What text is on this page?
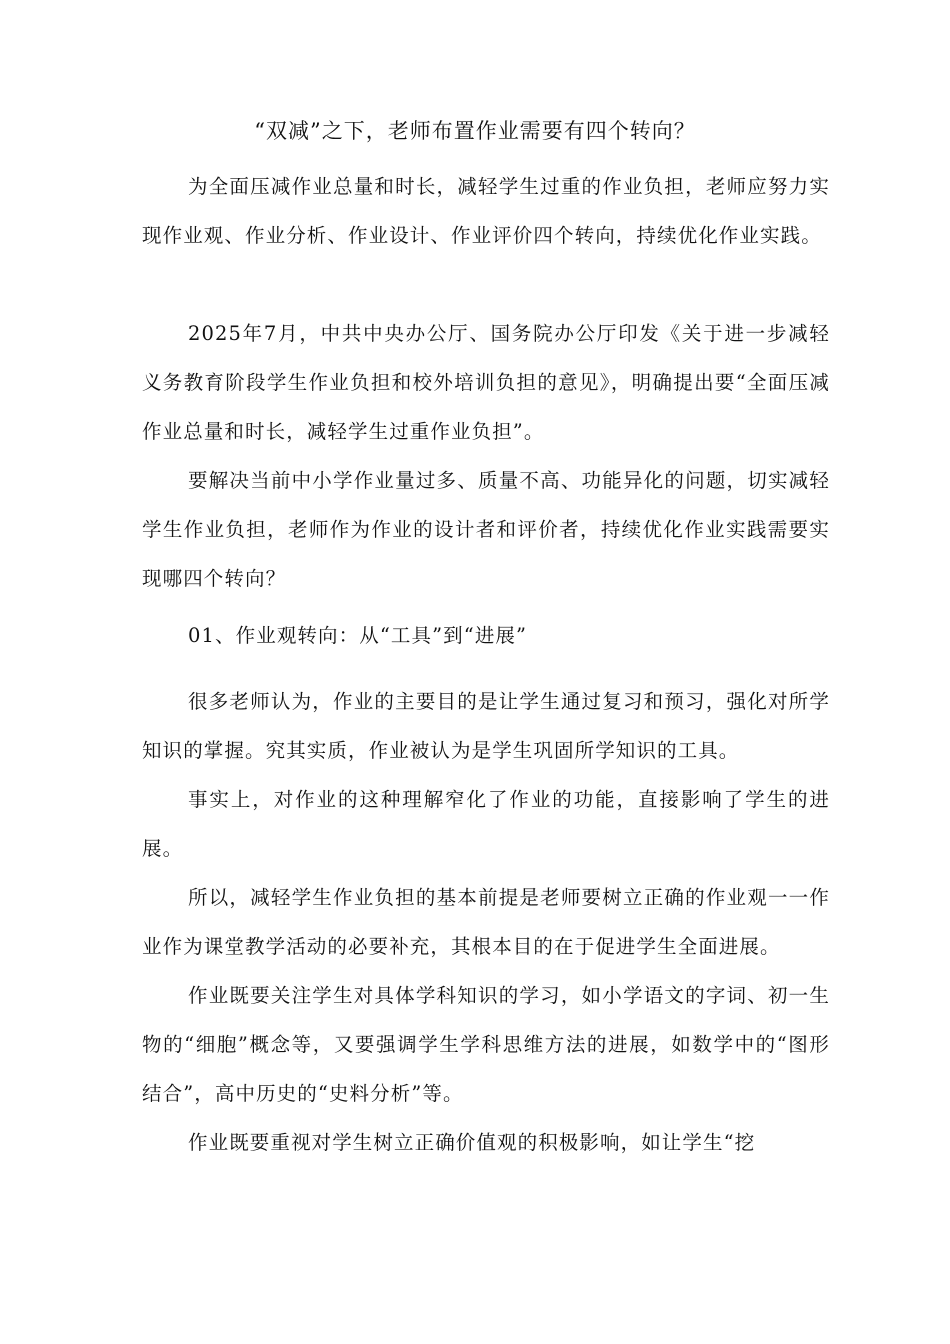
“双减”之下，老师布置作业需要有四个转向？

为全面压减作业总量和时长，减轻学生过重的作业负担，老师应努力实现作业观、作业分析、作业设计、作业评价四个转向，持续优化作业实践。

2025年7月，中共中央办公厅、国务院办公厅印发《关于进一步减轻义务教育阶段学生作业负担和校外培训负担的意见》，明确提出要“全面压减作业总量和时长，减轻学生过重作业负担”。

要解决当前中小学作业量过多、质量不高、功能异化的问题，切实减轻学生作业负担，老师作为作业的设计者和评价者，持续优化作业实践需要实现哪四个转向？

01、作业观转向：从“工具”到“进展”

很多老师认为，作业的主要目的是让学生通过复习和预习，强化对所学知识的掌握。究其实质，作业被认为是学生巩固所学知识的工具。

事实上，对作业的这种理解窄化了作业的功能，直接影响了学生的进展。

所以，减轻学生作业负担的基本前提是老师要树立正确的作业观一一作业作为课堂教学活动的必要补充，其根本目的在于促进学生全面进展。

作业既要关注学生对具体学科知识的学习，如小学语文的字词、初一生物的“细胞”概念等，又要强调学生学科思维方法的进展，如数学中的“图形结合”，高中历史的“史料分析”等。

作业既要重视对学生树立正确价值观的积极影响，如让学生“挖
